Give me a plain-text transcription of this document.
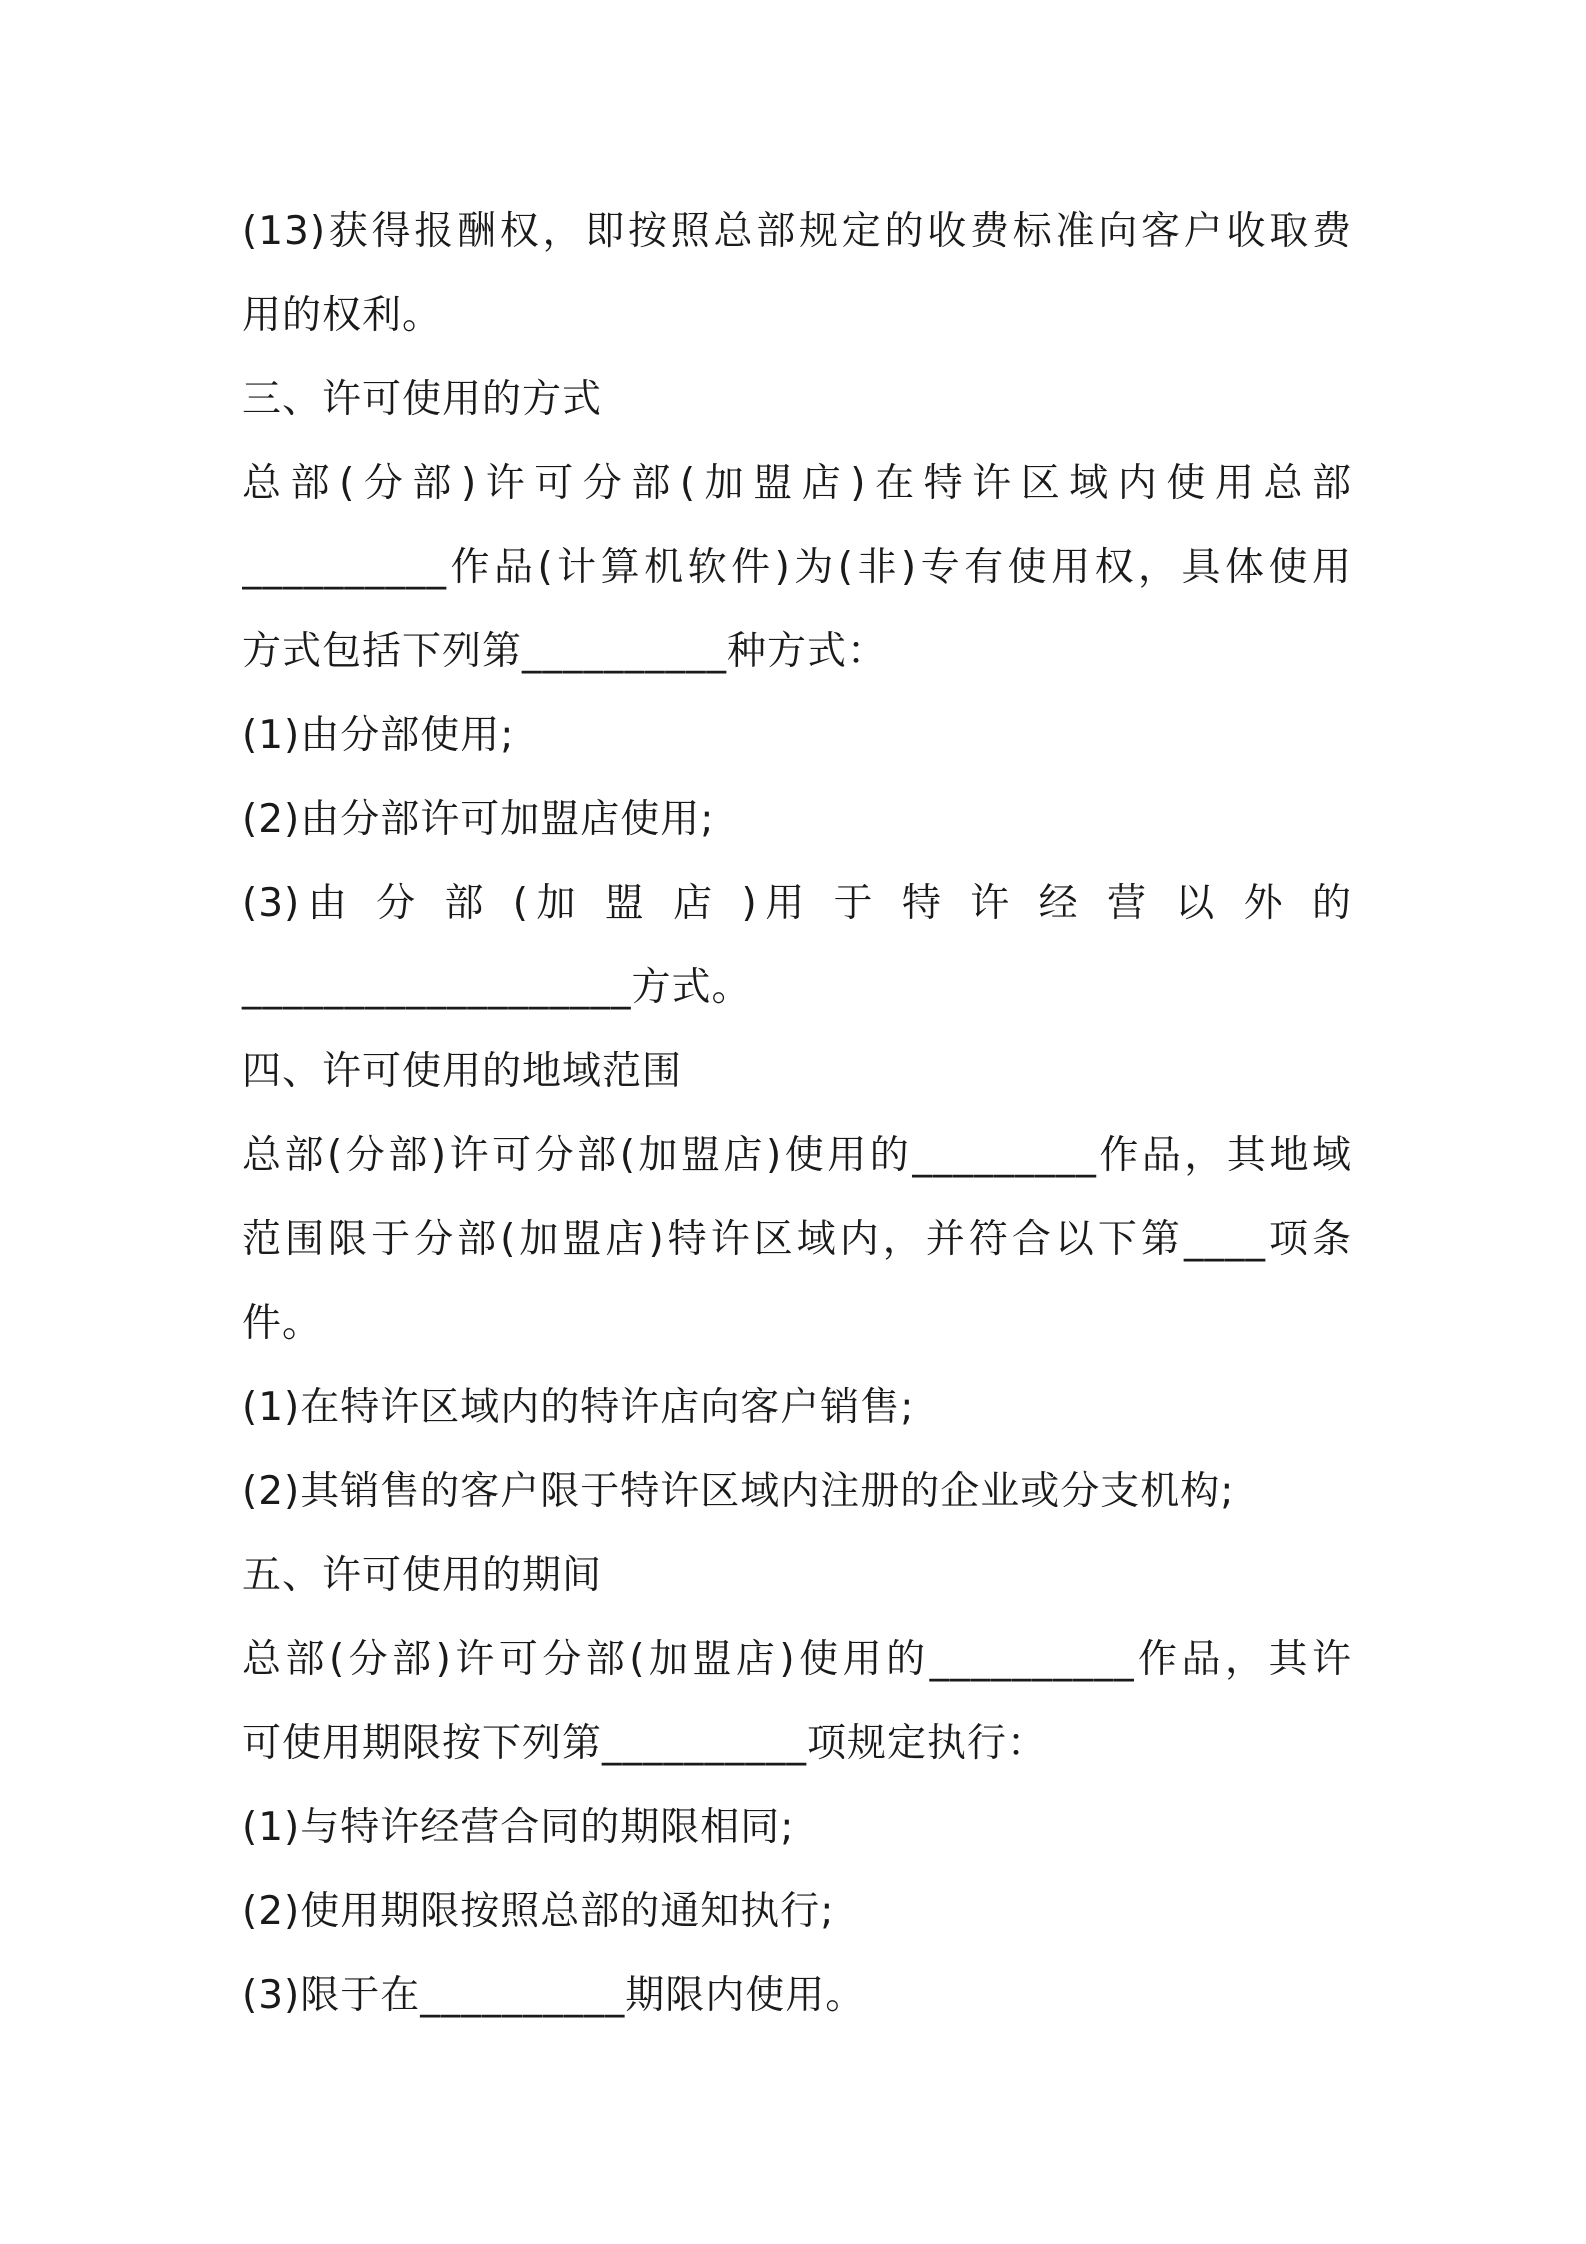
(13)获得报酬权，即按照总部规定的收费标准向客户收取费
用的权利。
三、许可使用的方式
总部(分部)许可分部(加盟店)在特许区域内使用总部
__________作品(计算机软件)为(非)专有使用权，具体使用
方式包括下列第__________种方式：
(1)由分部使用;
(2)由分部许可加盟店使用;
(3)由 分 部 (加 盟 店 )用 于 特 许 经 营 以 外 的
___________________方式。
四、许可使用的地域范围
总部(分部)许可分部(加盟店)使用的_________作品，其地域
范围限于分部(加盟店)特许区域内，并符合以下第____项条
件。
(1)在特许区域内的特许店向客户销售;
(2)其销售的客户限于特许区域内注册的企业或分支机构;
五、许可使用的期间
总部(分部)许可分部(加盟店)使用的__________作品，其许
可使用期限按下列第__________项规定执行：
(1)与特许经营合同的期限相同;
(2)使用期限按照总部的通知执行;
(3)限于在__________期限内使用。
